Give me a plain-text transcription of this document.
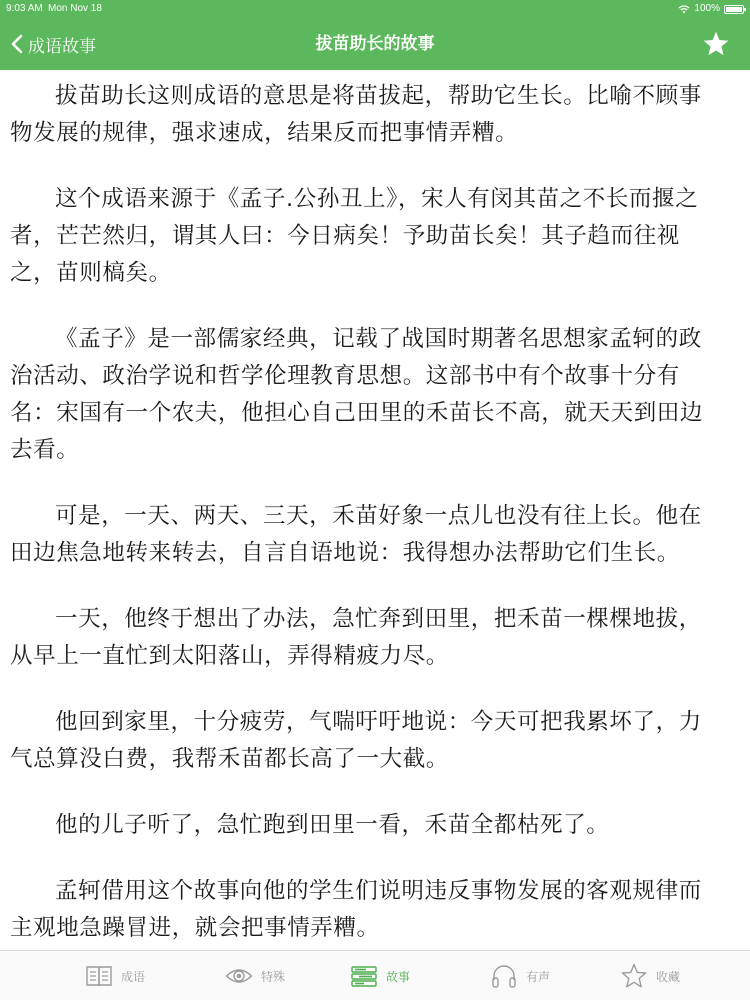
9:03 AM Mon Nov 18	100%
成语故事	拔苗助长的故事

拔苗助长这则成语的意思是将苗拔起，帮助它生长。比喻不顾事物发展的规律，强求速成，结果反而把事情弄糟。

这个成语来源于《孟子.公孙丑上》，宋人有闵其苗之不长而揠之者，芒芒然归，谓其人曰：今日病矣！予助苗长矣！其子趋而往视之，苗则槁矣。

《孟子》是一部儒家经典，记载了战国时期著名思想家孟轲的政治活动、政治学说和哲学伦理教育思想。这部书中有个故事十分有名：宋国有一个农夫，他担心自己田里的禾苗长不高，就天天到田边去看。

可是，一天、两天、三天，禾苗好象一点儿也没有往上长。他在田边焦急地转来转去，自言自语地说：我得想办法帮助它们生长。

一天，他终于想出了办法，急忙奔到田里，把禾苗一棵棵地拔，从早上一直忙到太阳落山，弄得精疲力尽。

他回到家里，十分疲劳，气喘吁吁地说：今天可把我累坏了，力气总算没白费，我帮禾苗都长高了一大截。

他的儿子听了，急忙跑到田里一看，禾苗全都枯死了。

孟轲借用这个故事向他的学生们说明违反事物发展的客观规律而主观地急躁冒进，就会把事情弄糟。

成语	特殊	故事	有声	收藏
